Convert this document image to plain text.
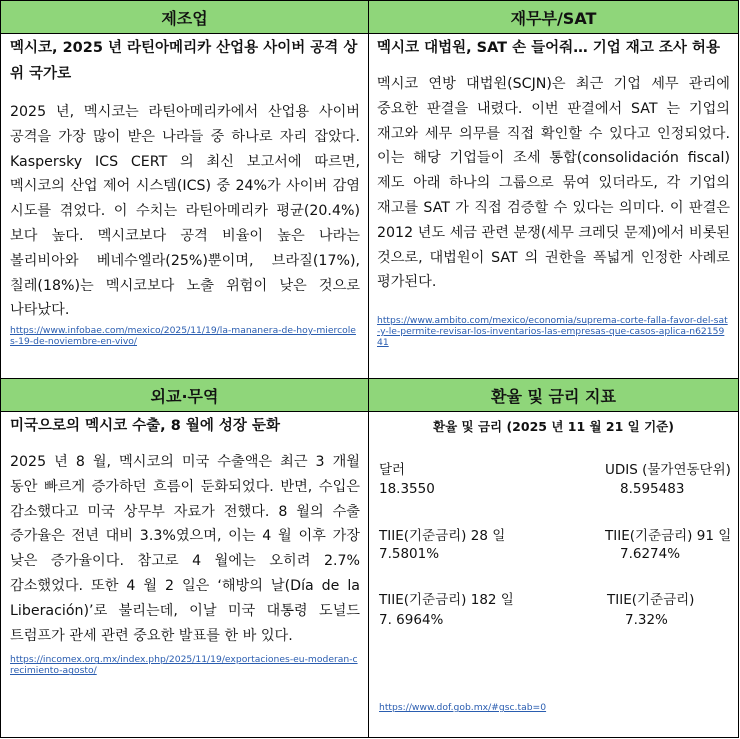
제조업	재무부/SAT
외교·무역	환율 및 금리 지표
멕시코, 2025 년 라틴아메리카 산업용 사이버 공격 상위 국가로
2025 년, 멕시코는 라틴아메리카에서 산업용 사이버 공격을 가장 많이 받은 나라들 중 하나로 자리 잡았다. Kaspersky ICS CERT 의 최신 보고서에 따르면, 멕시코의 산업 제어 시스템(ICS) 중 24%가 사이버 감염 시도를 겪었다. 이 수치는 라틴아메리카 평균(20.4%)보다 높다. 멕시코보다 공격 비율이 높은 나라는 볼리비아와 베네수엘라(25%)뿐이며, 브라질(17%), 칠레(18%)는 멕시코보다 노출 위험이 낮은 것으로 나타났다.
https://www.infobae.com/mexico/2025/11/19/la-mananera-de-hoy-miercoles-19-de-noviembre-en-vivo/
멕시코 대법원, SAT 손 들어줘… 기업 재고 조사 허용
멕시코 연방 대법원(SCJN)은 최근 기업 세무 관리에 중요한 판결을 내렸다. 이번 판결에서 SAT 는 기업의 재고와 세무 의무를 직접 확인할 수 있다고 인정되었다. 이는 해당 기업들이 조세 통합(consolidación fiscal) 제도 아래 하나의 그룹으로 묶여 있더라도, 각 기업의 재고를 SAT 가 직접 검증할 수 있다는 의미다. 이 판결은 2012 년도 세금 관련 분쟁(세무 크레딧 문제)에서 비롯된 것으로, 대법원이 SAT 의 권한을 폭넓게 인정한 사례로 평가된다.
https://www.ambito.com/mexico/economia/suprema-corte-falla-favor-del-sat-y-le-permite-revisar-los-inventarios-las-empresas-que-casos-aplica-n6215941
미국으로의 멕시코 수출, 8 월에 성장 둔화
2025 년 8 월, 멕시코의 미국 수출액은 최근 3 개월 동안 빠르게 증가하던 흐름이 둔화되었다. 반면, 수입은 감소했다고 미국 상무부 자료가 전했다. 8 월의 수출 증가율은 전년 대비 3.3%였으며, 이는 4 월 이후 가장 낮은 증가율이다. 참고로 4 월에는 오히려 2.7% 감소했었다. 또한 4 월 2 일은 ‘해방의 날(Día de la Liberación)’로 불리는데, 이날 미국 대통령 도널드 트럼프가 관세 관련 중요한 발표를 한 바 있다.
https://incomex.org.mx/index.php/2025/11/19/exportaciones-eu-moderan-crecimiento-agosto/
환율 및 금리 (2025 년 11 월 21 일 기준)
달러
18.3550
UDIS (물가연동단위)
8.595483
TIIE(기준금리) 28 일
7.5801%
TIIE(기준금리) 91 일
7.6274%
TIIE(기준금리) 182 일
7. 6964%
TIIE(기준금리)
7.32%
https://www.dof.gob.mx/#gsc.tab=0
